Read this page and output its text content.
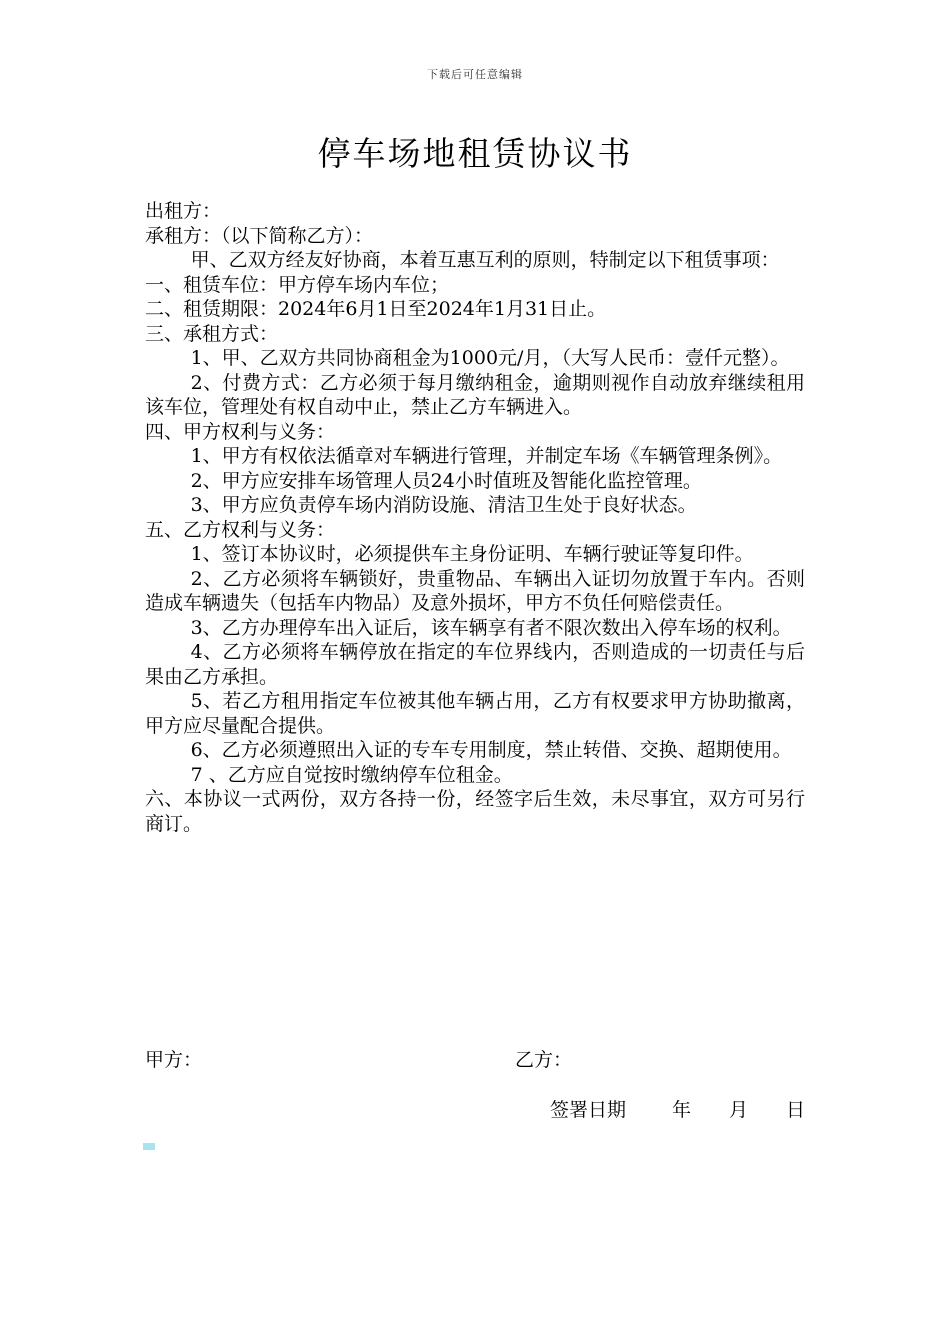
下载后可任意编辑
停车场地租赁协议书

出租方：

承租方：（以下简称乙方）：

甲、乙双方经友好协商，本着互惠互利的原则，特制定以下租赁事项：

一、租赁车位：甲方停车场内车位；

二、租赁期限：2024年6月1日至2024年1月31日止。

三、承租方式：

1、甲、乙双方共同协商租金为1000元/月，（大写人民币：壹仟元整）。

2、付费方式：乙方必须于每月缴纳租金，逾期则视作自动放弃继续租用该车位，管理处有权自动中止，禁止乙方车辆进入。

四、甲方权利与义务：

1、甲方有权依法循章对车辆进行管理，并制定车场《车辆管理条例》。

2、甲方应安排车场管理人员24小时值班及智能化监控管理。

3、甲方应负责停车场内消防设施、清洁卫生处于良好状态。

五、乙方权利与义务：

1、签订本协议时，必须提供车主身份证明、车辆行驶证等复印件。

2、乙方必须将车辆锁好，贵重物品、车辆出入证切勿放置于车内。否则造成车辆遗失（包括车内物品）及意外损坏，甲方不负任何赔偿责任。

3、乙方办理停车出入证后，该车辆享有者不限次数出入停车场的权利。

4、乙方必须将车辆停放在指定的车位界线内，否则造成的一切责任与后果由乙方承担。

5、若乙方租用指定车位被其他车辆占用，乙方有权要求甲方协助撤离，甲方应尽量配合提供。

6、乙方必须遵照出入证的专车专用制度，禁止转借、交换、超期使用。

7 、乙方应自觉按时缴纳停车位租金。

六、本协议一式两份，双方各持一份，经签字后生效，未尽事宜，双方可另行商订。

甲方：	乙方：
签署日期 年 月 日
